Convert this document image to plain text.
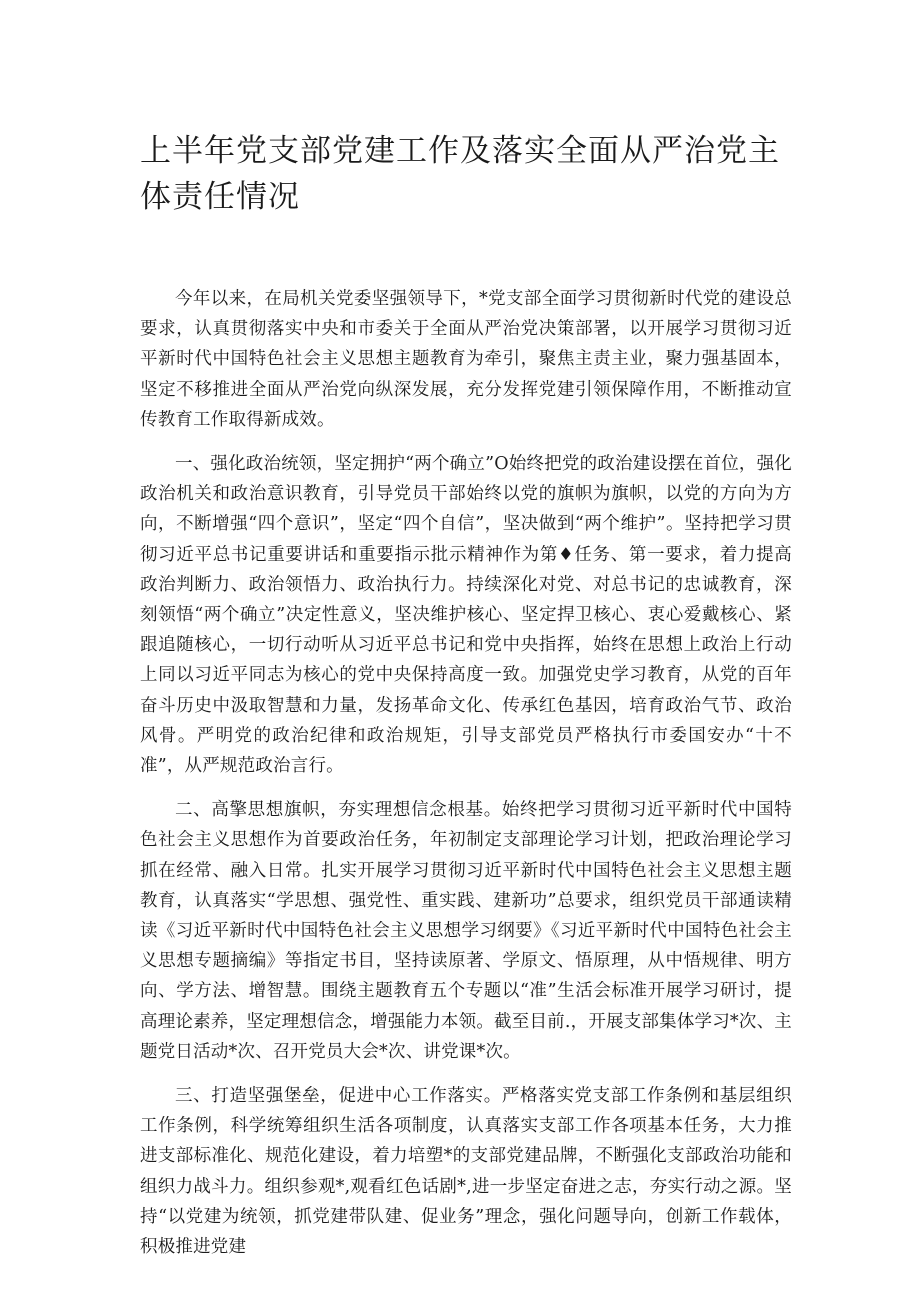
上半年党支部党建工作及落实全面从严治党主体责任情况

今年以来，在局机关党委坚强领导下，*党支部全面学习贯彻新时代党的建设总要求，认真贯彻落实中央和市委关于全面从严治党决策部署，以开展学习贯彻习近平新时代中国特色社会主义思想主题教育为牵引，聚焦主责主业，聚力强基固本，坚定不移推进全面从严治党向纵深发展，充分发挥党建引领保障作用，不断推动宣传教育工作取得新成效。

一、强化政治统领，坚定拥护“两个确立”O始终把党的政治建设摆在首位，强化政治机关和政治意识教育，引导党员干部始终以党的旗帜为旗帜，以党的方向为方向，不断增强“四个意识”，坚定“四个自信”，坚决做到“两个维护”。坚持把学习贯彻习近平总书记重要讲话和重要指示批示精神作为第♦任务、第一要求，着力提高政治判断力、政治领悟力、政治执行力。持续深化对党、对总书记的忠诚教育，深刻领悟“两个确立”决定性意义，坚决维护核心、坚定捍卫核心、衷心爱戴核心、紧跟追随核心，一切行动听从习近平总书记和党中央指挥，始终在思想上政治上行动上同以习近平同志为核心的党中央保持高度一致。加强党史学习教育，从党的百年奋斗历史中汲取智慧和力量，发扬革命文化、传承红色基因，培育政治气节、政治风骨。严明党的政治纪律和政治规矩，引导支部党员严格执行市委国安办“十不准”，从严规范政治言行。

二、高擎思想旗帜，夯实理想信念根基。始终把学习贯彻习近平新时代中国特色社会主义思想作为首要政治任务，年初制定支部理论学习计划，把政治理论学习抓在经常、融入日常。扎实开展学习贯彻习近平新时代中国特色社会主义思想主题教育，认真落实“学思想、强党性、重实践、建新功”总要求，组织党员干部通读精读《习近平新时代中国特色社会主义思想学习纲要》《习近平新时代中国特色社会主义思想专题摘编》等指定书目，坚持读原著、学原文、悟原理，从中悟规律、明方向、学方法、增智慧。围绕主题教育五个专题以“准”生活会标准开展学习研讨，提高理论素养，坚定理想信念，增强能力本领。截至目前.，开展支部集体学习*次、主题党日活动*次、召开党员大会*次、讲党课*次。

三、打造坚强堡垒，促进中心工作落实。严格落实党支部工作条例和基层组织工作条例，科学统筹组织生活各项制度，认真落实支部工作各项基本任务，大力推进支部标准化、规范化建设，着力培塑*的支部党建品牌，不断强化支部政治功能和组织力战斗力。组织参观*,观看红色话剧*,进一步坚定奋进之志，夯实行动之源。坚持“以党建为统领，抓党建带队建、促业务”理念，强化问题导向，创新工作载体，积极推进党建
